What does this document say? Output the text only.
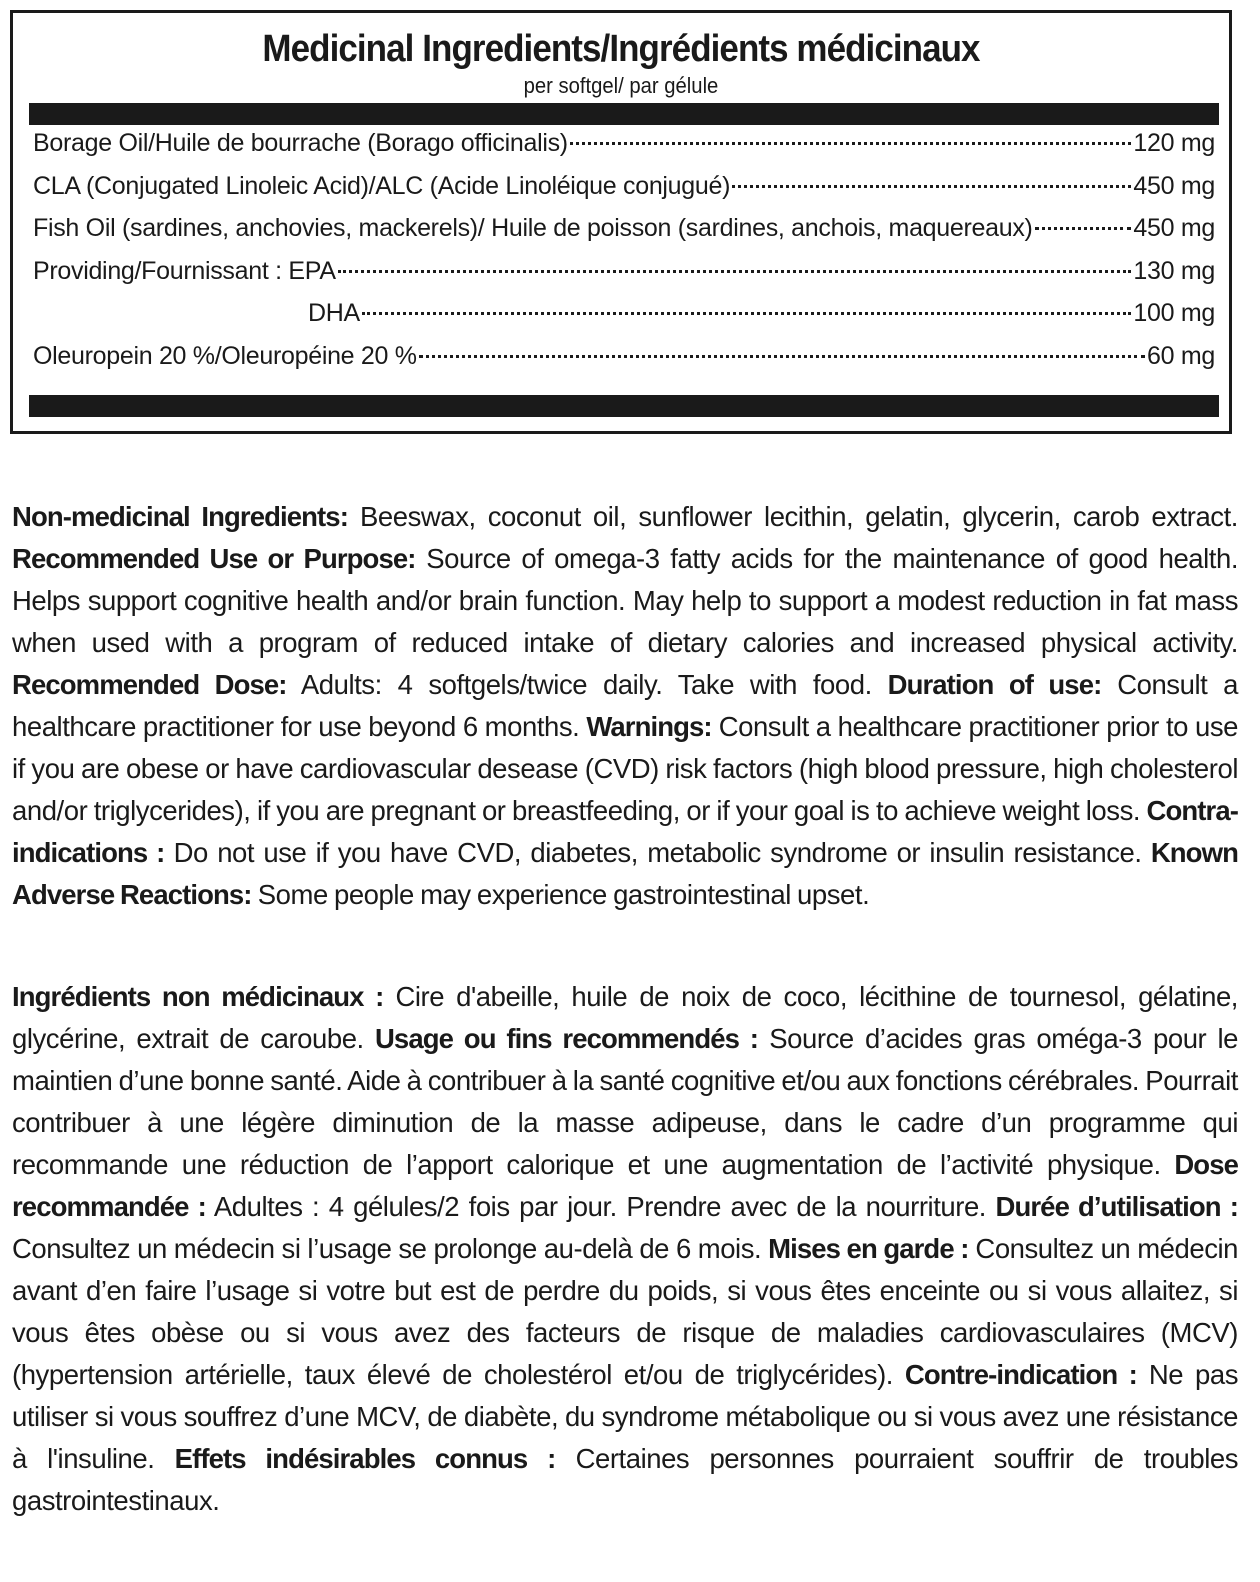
Medicinal Ingredients/Ingrédients médicinaux
per softgel/ par gélule
Borage Oil/Huile de bourrache (Borago officinalis)	120 mg
CLA (Conjugated Linoleic Acid)/ALC (Acide Linoléique conjugué)	450 mg
Fish Oil (sardines, anchovies, mackerels)/ Huile de poisson (sardines, anchois, maquereaux)	450 mg
Providing/Fournissant : EPA	130 mg
DHA	100 mg
Oleuropein 20 %/Oleuropéine 20 %	60 mg
Non-medicinal Ingredients: Beeswax, coconut oil, sunflower lecithin, gelatin, glycerin, carob extract. Recommended Use or Purpose: Source of omega-3 fatty acids for the maintenance of good health. Helps support cognitive health and/or brain function. May help to support a modest reduction in fat mass when used with a program of reduced intake of dietary calories and increased physical activity. Recommended Dose: Adults: 4 softgels/twice daily. Take with food. Duration of use: Consult a healthcare practitioner for use beyond 6 months. Warnings: Consult a healthcare practitioner prior to use if you are obese or have cardiovascular desease (CVD) risk factors (high blood pressure, high cholesterol and/or triglycerides), if you are pregnant or breastfeeding, or if your goal is to achieve weight loss. Contra-indications : Do not use if you have CVD, diabetes, metabolic syndrome or insulin resistance. Known Adverse Reactions: Some people may experience gastrointestinal upset.
Ingrédients non médicinaux : Cire d'abeille, huile de noix de coco, lécithine de tournesol, gélatine, glycérine, extrait de caroube. Usage ou fins recommendés : Source d’acides gras oméga-3 pour le maintien d’une bonne santé. Aide à contribuer à la santé cognitive et/ou aux fonctions cérébrales. Pourrait contribuer à une légère diminution de la masse adipeuse, dans le cadre d’un programme qui recommande une réduction de l’apport calorique et une augmentation de l’activité physique. Dose recommandée : Adultes : 4 gélules/2 fois par jour. Prendre avec de la nourriture. Durée d’utilisation : Consultez un médecin si l’usage se prolonge au-delà de 6 mois. Mises en garde : Consultez un médecin avant d’en faire l’usage si votre but est de perdre du poids, si vous êtes enceinte ou si vous allaitez, si vous êtes obèse ou si vous avez des facteurs de risque de maladies cardiovasculaires (MCV) (hypertension artérielle, taux élevé de cholestérol et/ou de triglycérides). Contre-indication : Ne pas utiliser si vous souffrez d’une MCV, de diabète, du syndrome métabolique ou si vous avez une résistance à l'insuline. Effets indésirables connus : Certaines personnes pourraient souffrir de troubles gastrointestinaux.
